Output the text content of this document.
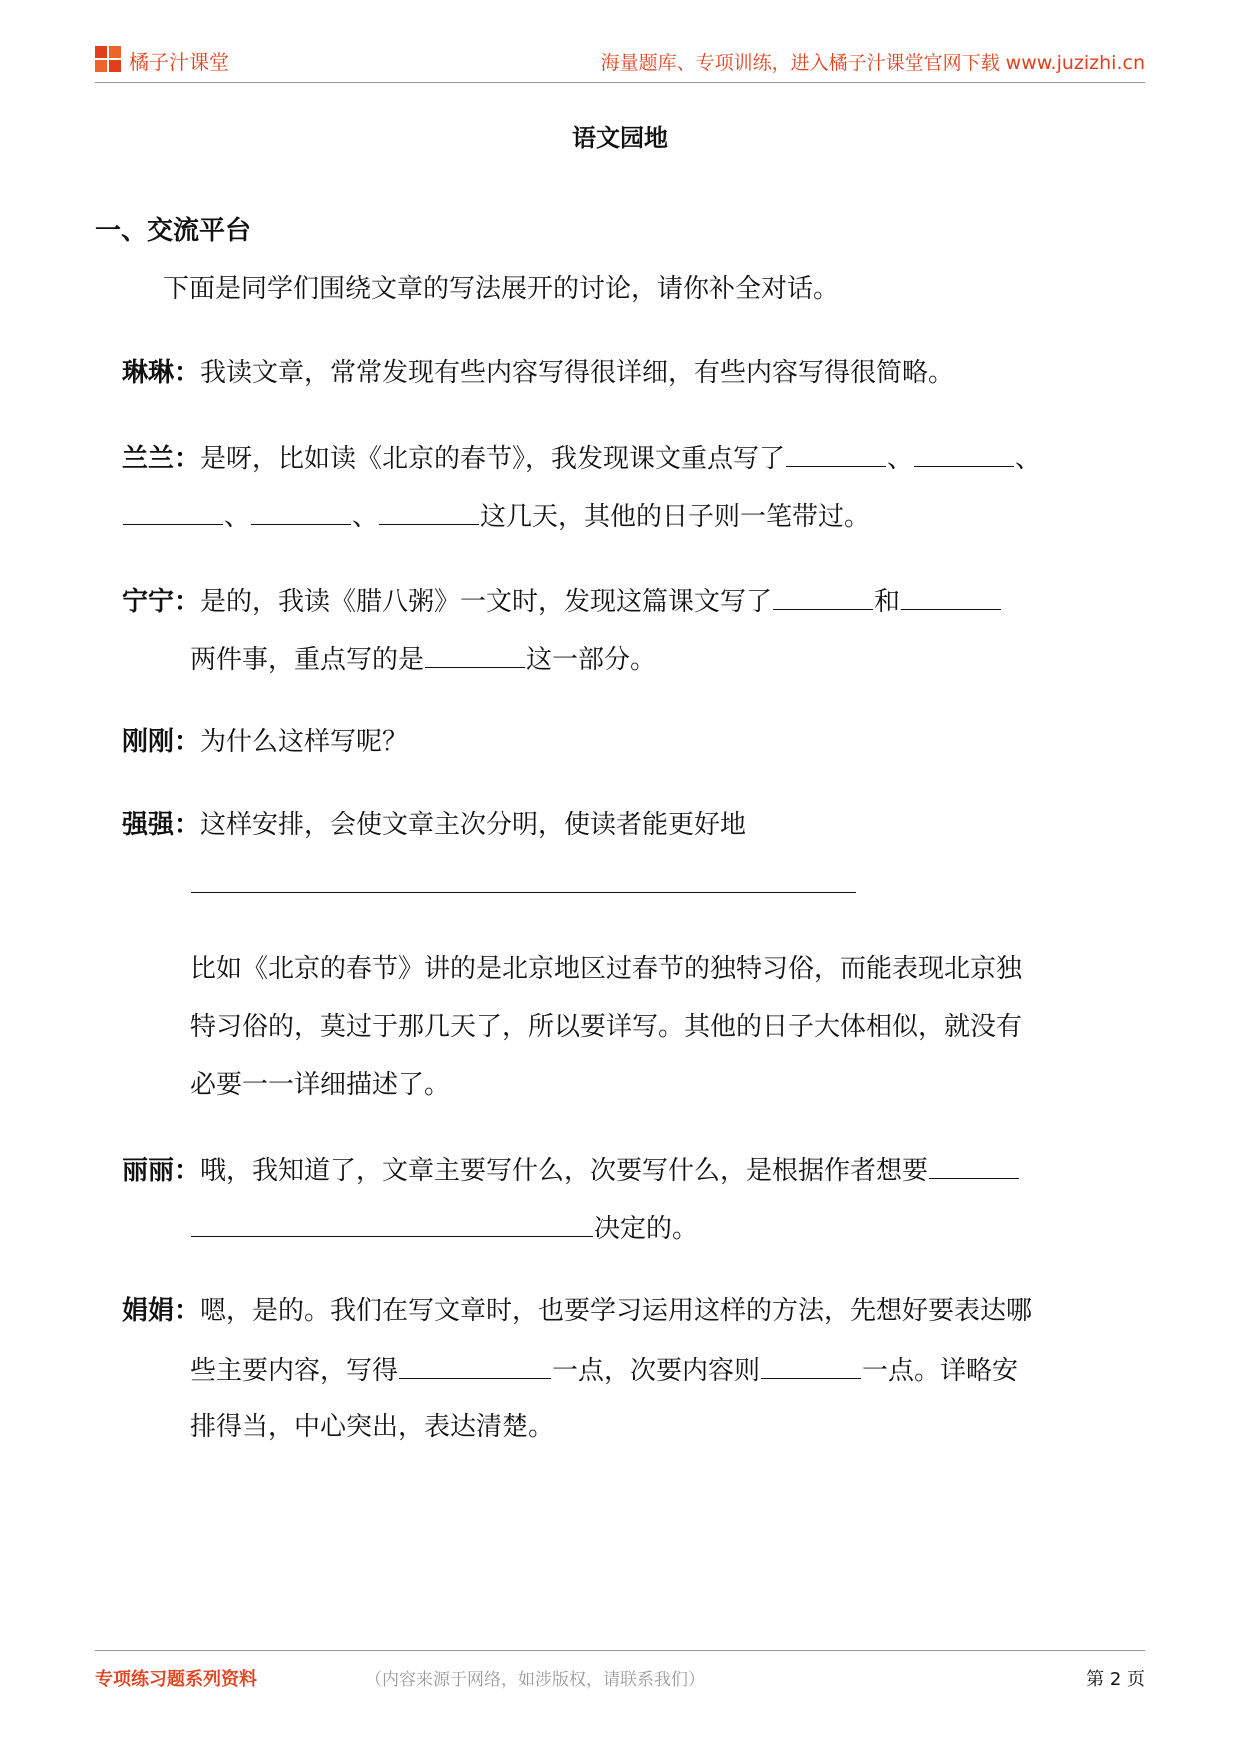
橘子汁课堂	海量题库、专项训练，进入橘子汁课堂官网下载 www.juzizhi.cn
语文园地
一、交流平台
下面是同学们围绕文章的写法展开的讨论，请你补全对话。
琳琳：我读文章，常常发现有些内容写得很详细，有些内容写得很简略。
兰兰：是呀，比如读《北京的春节》，我发现课文重点写了	、	、
、	、	这几天，其他的日子则一笔带过。
宁宁：是的，我读《腊八粥》一文时，发现这篇课文写了	和
两件事，重点写的是	这一部分。
刚刚：为什么这样写呢？
强强：这样安排，会使文章主次分明，使读者能更好地
比如《北京的春节》讲的是北京地区过春节的独特习俗，而能表现北京独
特习俗的，莫过于那几天了，所以要详写。其他的日子大体相似，就没有
必要一一详细描述了。
丽丽：哦，我知道了，文章主要写什么，次要写什么，是根据作者想要
决定的。
娟娟：嗯，是的。我们在写文章时，也要学习运用这样的方法，先想好要表达哪
些主要内容，写得	一点，次要内容则	一点。详略安
排得当，中心突出，表达清楚。
专项练习题系列资料	（内容来源于网络，如涉版权，请联系我们）	第 2 页
